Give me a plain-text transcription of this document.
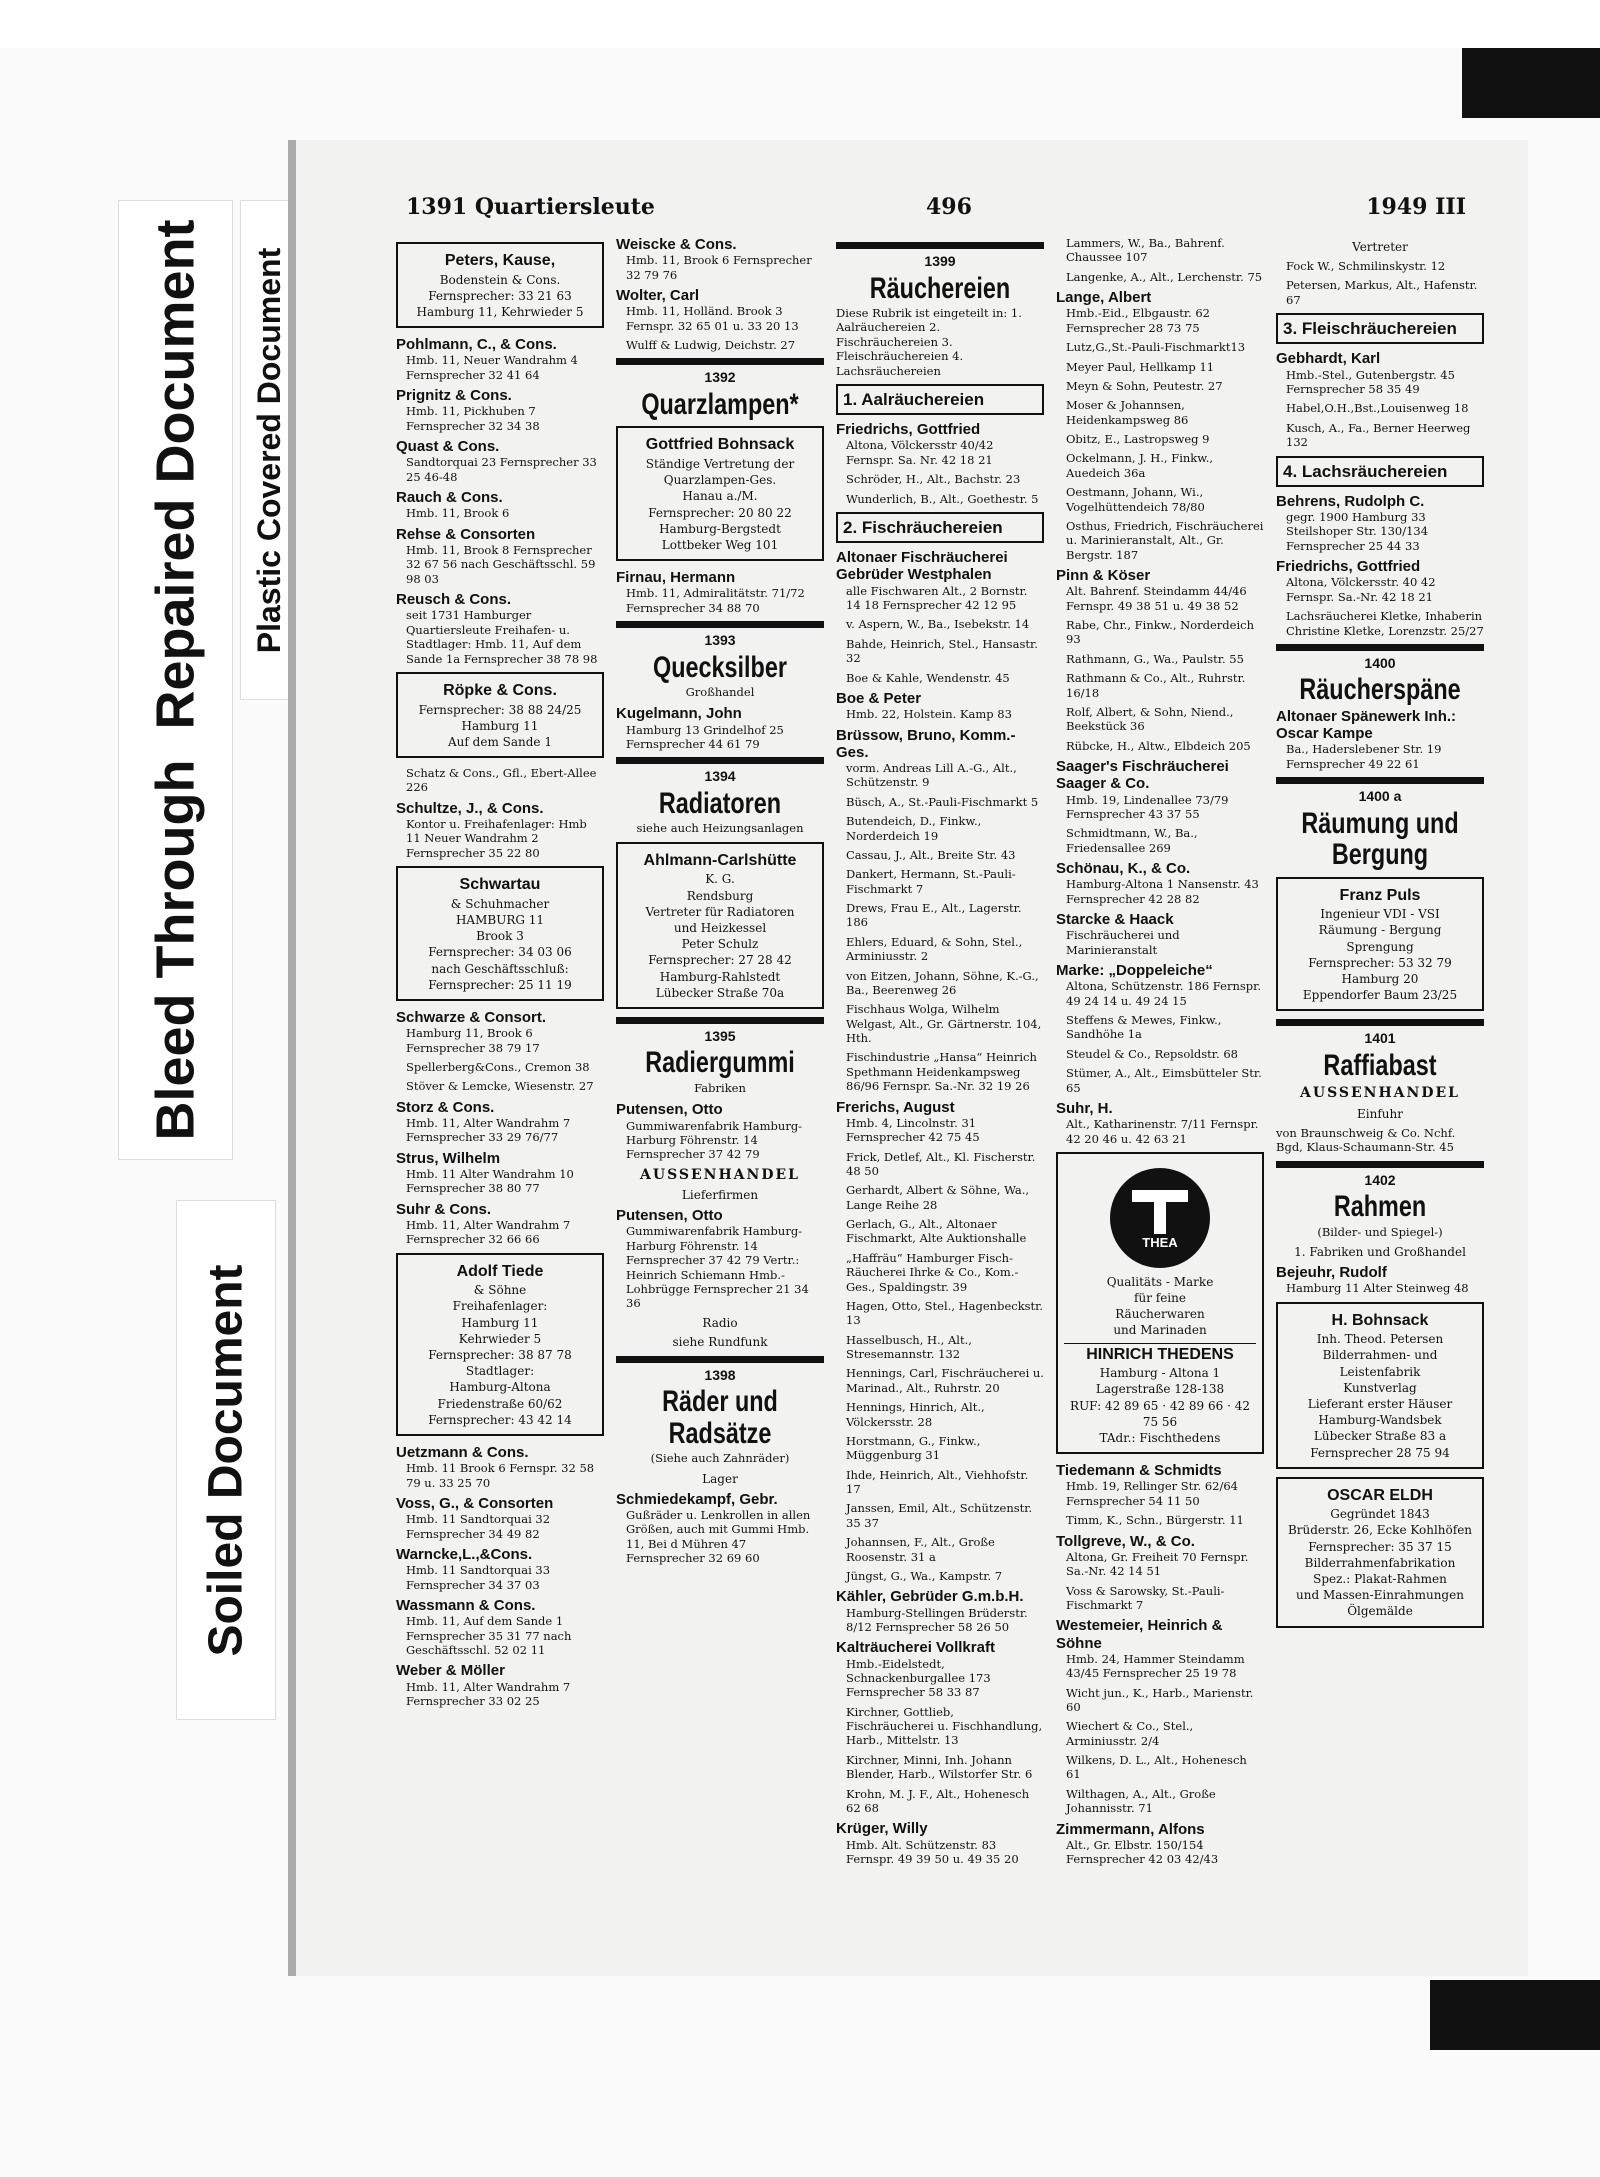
Bleed Through  Repaired Document Plastic Covered Document
Soiled Document
1391 Quartiersleute	496	1949 III
Peters, Kause,
Bodenstein & Cons.
Fernsprecher: 33 21 63
Hamburg 11, Kehrwieder 5
Pohlmann, C., & Cons.
Hmb. 11, Neuer Wandrahm 4 Fernsprecher 32 41 64
Prignitz & Cons.
Hmb. 11, Pickhuben 7 Fernsprecher 32 34 38
Quast & Cons.
Sandtorquai 23 Fernsprecher 33 25 46-48
Rauch & Cons.
Hmb. 11, Brook 6
Rehse & Consorten
Hmb. 11, Brook 8 Fernsprecher 32 67 56 nach Geschäftsschl. 59 98 03
Reusch & Cons.
seit 1731 Hamburger Quartiersleute Freihafen- u. Stadtlager: Hmb. 11, Auf dem Sande 1a Fernsprecher 38 78 98
Röpke & Cons.
Fernsprecher: 38 88 24/25
Hamburg 11
Auf dem Sande 1
Schatz & Cons., Gfl., Ebert-Allee 226
Schultze, J., & Cons.
Kontor u. Freihafenlager: Hmb 11 Neuer Wandrahm 2 Fernsprecher 35 22 80
Schwartau
& Schuhmacher
HAMBURG 11
Brook 3
Fernsprecher: 34 03 06
nach Geschäftsschluß:
Fernsprecher: 25 11 19
Schwarze & Consort.
Hamburg 11, Brook 6 Fernsprecher 38 79 17
Spellerberg&Cons., Cremon 38
Stöver & Lemcke, Wiesenstr. 27
Storz & Cons.
Hmb. 11, Alter Wandrahm 7 Fernsprecher 33 29 76/77
Strus, Wilhelm
Hmb. 11 Alter Wandrahm 10 Fernsprecher 38 80 77
Suhr & Cons.
Hmb. 11, Alter Wandrahm 7 Fernsprecher 32 66 66
Adolf Tiede
& Söhne
Freihafenlager:
Hamburg 11
Kehrwieder 5
Fernsprecher: 38 87 78
Stadtlager:
Hamburg-Altona
Friedenstraße 60/62
Fernsprecher: 43 42 14
Uetzmann & Cons.
Hmb. 11 Brook 6 Fernspr. 32 58 79 u. 33 25 70
Voss, G., & Consorten
Hmb. 11 Sandtorquai 32 Fernsprecher 34 49 82
Warncke,L.,&Cons.
Hmb. 11 Sandtorquai 33 Fernsprecher 34 37 03
Wassmann & Cons.
Hmb. 11, Auf dem Sande 1 Fernsprecher 35 31 77 nach Geschäftsschl. 52 02 11
Weber & Möller
Hmb. 11, Alter Wandrahm 7 Fernsprecher 33 02 25
Weiscke & Cons.
Hmb. 11, Brook 6 Fernsprecher 32 79 76
Wolter, Carl
Hmb. 11, Holländ. Brook 3 Fernspr. 32 65 01 u. 33 20 13
Wulff & Ludwig, Deichstr. 27
1392
Quarzlampen*
Gottfried Bohnsack
Ständige Vertretung der
Quarzlampen-Ges.
Hanau a./M.
Fernsprecher: 20 80 22
Hamburg-Bergstedt
Lottbeker Weg 101
Firnau, Hermann
Hmb. 11, Admiralitätstr. 71/72 Fernsprecher 34 88 70
1393
Quecksilber
Großhandel
Kugelmann, John
Hamburg 13 Grindelhof 25 Fernsprecher 44 61 79
1394
Radiatoren
siehe auch Heizungsanlagen
Ahlmann-Carlshütte
K. G.
Rendsburg
Vertreter für Radiatoren
und Heizkessel
Peter Schulz
Fernsprecher: 27 28 42
Hamburg-Rahlstedt
Lübecker Straße 70a
1395
Radiergummi
Fabriken
Putensen, Otto
Gummiwarenfabrik Hamburg-Harburg Föhrenstr. 14 Fernsprecher 37 42 79
AUSSENHANDEL
Lieferfirmen
Putensen, Otto
Gummiwarenfabrik Hamburg-Harburg Föhrenstr. 14 Fernsprecher 37 42 79 Vertr.: Heinrich Schiemann Hmb.-Lohbrügge Fernsprecher 21 34 36
Radio
siehe Rundfunk
1398
Räder und Radsätze
(Siehe auch Zahnräder)
Lager
Schmiedekampf, Gebr.
Gußräder u. Lenkrollen in allen Größen, auch mit Gummi Hmb. 11, Bei d Mühren 47 Fernsprecher 32 69 60
1399
Räuchereien
Diese Rubrik ist eingeteilt in: 1. Aalräuchereien 2. Fischräuchereien 3. Fleischräuchereien 4. Lachsräuchereien
1. Aalräuchereien
Friedrichs, Gottfried
Altona, Völckersstr 40/42 Fernspr. Sa. Nr. 42 18 21
Schröder, H., Alt., Bachstr. 23
Wunderlich, B., Alt., Goethestr. 5
2. Fischräuchereien
Altonaer Fischräucherei Gebrüder Westphalen
alle Fischwaren Alt., 2 Bornstr. 14 18 Fernsprecher 42 12 95
v. Aspern, W., Ba., Isebekstr. 14
Bahde, Heinrich, Stel., Hansastr. 32
Boe & Kahle, Wendenstr. 45
Boe & Peter
Hmb. 22, Holstein. Kamp 83
Brüssow, Bruno, Komm.-Ges.
vorm. Andreas Lill A.-G., Alt., Schützenstr. 9
Büsch, A., St.-Pauli-Fischmarkt 5
Butendeich, D., Finkw., Norderdeich 19
Cassau, J., Alt., Breite Str. 43
Dankert, Hermann, St.-Pauli-Fischmarkt 7
Drews, Frau E., Alt., Lagerstr. 186
Ehlers, Eduard, & Sohn, Stel., Arminiusstr. 2
von Eitzen, Johann, Söhne, K.-G., Ba., Beerenweg 26
Fischhaus Wolga, Wilhelm Welgast, Alt., Gr. Gärtnerstr. 104, Hth.
Fischindustrie „Hansa“ Heinrich Spethmann Heidenkampsweg 86/96 Fernspr. Sa.-Nr. 32 19 26
Frerichs, August
Hmb. 4, Lincolnstr. 31 Fernsprecher 42 75 45
Frick, Detlef, Alt., Kl. Fischerstr. 48 50
Gerhardt, Albert & Söhne, Wa., Lange Reihe 28
Gerlach, G., Alt., Altonaer Fischmarkt, Alte Auktionshalle
„Haffräu“ Hamburger Fisch-Räucherei Ihrke & Co., Kom.-Ges., Spaldingstr. 39
Hagen, Otto, Stel., Hagenbeckstr. 13
Hasselbusch, H., Alt., Stresemannstr. 132
Hennings, Carl, Fischräucherei u. Marinad., Alt., Ruhrstr. 20
Hennings, Hinrich, Alt., Völckersstr. 28
Horstmann, G., Finkw., Müggenburg 31
Ihde, Heinrich, Alt., Viehhofstr. 17
Janssen, Emil, Alt., Schützenstr. 35 37
Johannsen, F., Alt., Große Roosenstr. 31 a
Jüngst, G., Wa., Kampstr. 7
Kähler, Gebrüder G.m.b.H.
Hamburg-Stellingen Brüderstr. 8/12 Fernsprecher 58 26 50
Kalträucherei Vollkraft
Hmb.-Eidelstedt, Schnackenburgallee 173 Fernsprecher 58 33 87
Kirchner, Gottlieb, Fischräucherei u. Fischhandlung, Harb., Mittelstr. 13
Kirchner, Minni, Inh. Johann Blender, Harb., Wilstorfer Str. 6
Krohn, M. J. F., Alt., Hohenesch 62 68
Krüger, Willy
Hmb. Alt. Schützenstr. 83 Fernspr. 49 39 50 u. 49 35 20
Lammers, W., Ba., Bahrenf. Chaussee 107
Langenke, A., Alt., Lerchenstr. 75
Lange, Albert
Hmb.-Eid., Elbgaustr. 62 Fernsprecher 28 73 75
Lutz,G.,St.-Pauli-Fischmarkt13
Meyer Paul, Hellkamp 11
Meyn & Sohn, Peutestr. 27
Moser & Johannsen, Heidenkampsweg 86
Obitz, E., Lastropsweg 9
Ockelmann, J. H., Finkw., Auedeich 36a
Oestmann, Johann, Wi., Vogelhüttendeich 78/80
Osthus, Friedrich, Fischräucherei u. Marinieranstalt, Alt., Gr. Bergstr. 187
Pinn & Köser
Alt. Bahrenf. Steindamm 44/46 Fernspr. 49 38 51 u. 49 38 52
Rabe, Chr., Finkw., Norderdeich 93
Rathmann, G., Wa., Paulstr. 55
Rathmann & Co., Alt., Ruhrstr. 16/18
Rolf, Albert, & Sohn, Niend., Beekstück 36
Rübcke, H., Altw., Elbdeich 205
Saager's Fischräucherei Saager & Co.
Hmb. 19, Lindenallee 73/79 Fernsprecher 43 37 55
Schmidtmann, W., Ba., Friedensallee 269
Schönau, K., & Co.
Hamburg-Altona 1 Nansenstr. 43 Fernsprecher 42 28 82
Starcke & Haack
Fischräucherei und Marinieranstalt
Marke: „Doppeleiche“
Altona, Schützenstr. 186 Fernspr. 49 24 14 u. 49 24 15
Steffens & Mewes, Finkw., Sandhöhe 1a
Steudel & Co., Repsoldstr. 68
Stümer, A., Alt., Eimsbütteler Str. 65
Suhr, H.
Alt., Katharinenstr. 7/11 Fernspr. 42 20 46 u. 42 63 21
THEA
Qualitäts - Marke
für feine
Räucherwaren
und Marinaden
HINRICH THEDENS
Hamburg - Altona 1
Lagerstraße 128-138
RUF: 42 89 65 · 42 89 66 · 42 75 56
TAdr.: Fischthedens
Tiedemann & Schmidts
Hmb. 19, Rellinger Str. 62/64 Fernsprecher 54 11 50
Timm, K., Schn., Bürgerstr. 11
Tollgreve, W., & Co.
Altona, Gr. Freiheit 70 Fernspr. Sa.-Nr. 42 14 51
Voss & Sarowsky, St.-Pauli-Fischmarkt 7
Westemeier, Heinrich & Söhne
Hmb. 24, Hammer Steindamm 43/45 Fernsprecher 25 19 78
Wicht jun., K., Harb., Marienstr. 60
Wiechert & Co., Stel., Arminiusstr. 2/4
Wilkens, D. L., Alt., Hohenesch 61
Wilthagen, A., Alt., Große Johannisstr. 71
Zimmermann, Alfons
Alt., Gr. Elbstr. 150/154 Fernsprecher 42 03 42/43
Vertreter
Fock W., Schmilinskystr. 12
Petersen, Markus, Alt., Hafenstr. 67
3. Fleischräuchereien
Gebhardt, Karl
Hmb.-Stel., Gutenbergstr. 45 Fernsprecher 58 35 49
Habel,O.H.,Bst.,Louisenweg 18
Kusch, A., Fa., Berner Heerweg 132
4. Lachsräuchereien
Behrens, Rudolph C.
gegr. 1900 Hamburg 33 Steilshoper Str. 130/134 Fernsprecher 25 44 33
Friedrichs, Gottfried
Altona, Völckersstr. 40 42 Fernspr. Sa.-Nr. 42 18 21
Lachsräucherei Kletke, Inhaberin Christine Kletke, Lorenzstr. 25/27
1400
Räucherspäne
Altonaer Spänewerk Inh.: Oscar Kampe
Ba., Haderslebener Str. 19 Fernsprecher 49 22 61
1400 a
Räumung und Bergung
Franz Puls
Ingenieur VDI - VSI
Räumung - Bergung
Sprengung
Fernsprecher: 53 32 79
Hamburg 20
Eppendorfer Baum 23/25
1401
Raffiabast
AUSSENHANDEL
Einfuhr
von Braunschweig & Co. Nchf. Bgd, Klaus-Schaumann-Str. 45
1402
Rahmen
(Bilder- und Spiegel-)
1. Fabriken und Großhandel
Bejeuhr, Rudolf
Hamburg 11 Alter Steinweg 48
H. Bohnsack
Inh. Theod. Petersen
Bilderrahmen- und Leistenfabrik
Kunstverlag
Lieferant erster Häuser
Hamburg-Wandsbek
Lübecker Straße 83 a
Fernsprecher 28 75 94
OSCAR ELDH
Gegründet 1843
Brüderstr. 26, Ecke Kohlhöfen
Fernsprecher: 35 37 15
Bilderrahmenfabrikation
Spez.: Plakat-Rahmen
und Massen-Einrahmungen
Ölgemälde
